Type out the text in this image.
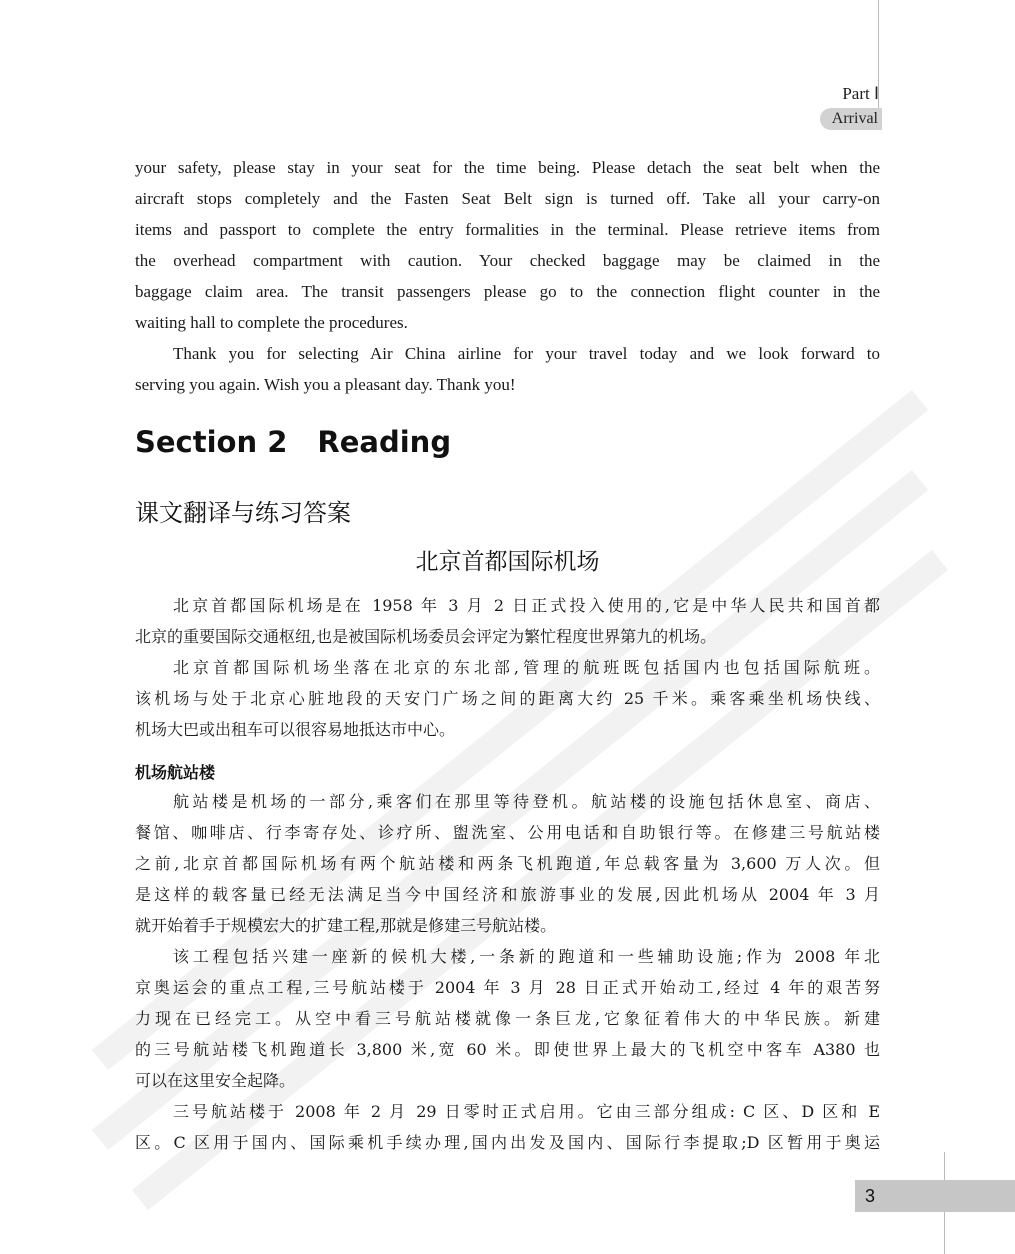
Part Ⅰ
Arrival
your safety, please stay in your seat for the time being. Please detach the seat belt when the
aircraft stops completely and the Fasten Seat Belt sign is turned off. Take all your carry-on
items and passport to complete the entry formalities in the terminal. Please retrieve items from
the overhead compartment with caution. Your checked baggage may be claimed in the
baggage claim area. The transit passengers please go to the connection flight counter in the
waiting hall to complete the procedures.
Thank you for selecting Air China airline for your travel today and we look forward to
serving you again. Wish you a pleasant day. Thank you!
Section 2 Reading
课文翻译与练习答案
北京首都国际机场
北京首都国际机场是在 1958 年 3 月 2 日正式投入使用的,它是中华人民共和国首都
北京的重要国际交通枢纽,也是被国际机场委员会评定为繁忙程度世界第九的机场。
北京首都国际机场坐落在北京的东北部,管理的航班既包括国内也包括国际航班。
该机场与处于北京心脏地段的天安门广场之间的距离大约 25 千米。乘客乘坐机场快线、
机场大巴或出租车可以很容易地抵达市中心。
机场航站楼
航站楼是机场的一部分,乘客们在那里等待登机。航站楼的设施包括休息室、商店、
餐馆、咖啡店、行李寄存处、诊疗所、盥洗室、公用电话和自助银行等。在修建三号航站楼
之前,北京首都国际机场有两个航站楼和两条飞机跑道,年总载客量为 3,600 万人次。但
是这样的载客量已经无法满足当今中国经济和旅游事业的发展,因此机场从 2004 年 3 月
就开始着手于规模宏大的扩建工程,那就是修建三号航站楼。
该工程包括兴建一座新的候机大楼,一条新的跑道和一些辅助设施;作为 2008 年北
京奥运会的重点工程,三号航站楼于 2004 年 3 月 28 日正式开始动工,经过 4 年的艰苦努
力现在已经完工。从空中看三号航站楼就像一条巨龙,它象征着伟大的中华民族。新建
的三号航站楼飞机跑道长 3,800 米,宽 60 米。即使世界上最大的飞机空中客车 A380 也
可以在这里安全起降。
三号航站楼于 2008 年 2 月 29 日零时正式启用。它由三部分组成: C 区、D 区和 E
区。C 区用于国内、国际乘机手续办理,国内出发及国内、国际行李提取;D 区暂用于奥运
3
